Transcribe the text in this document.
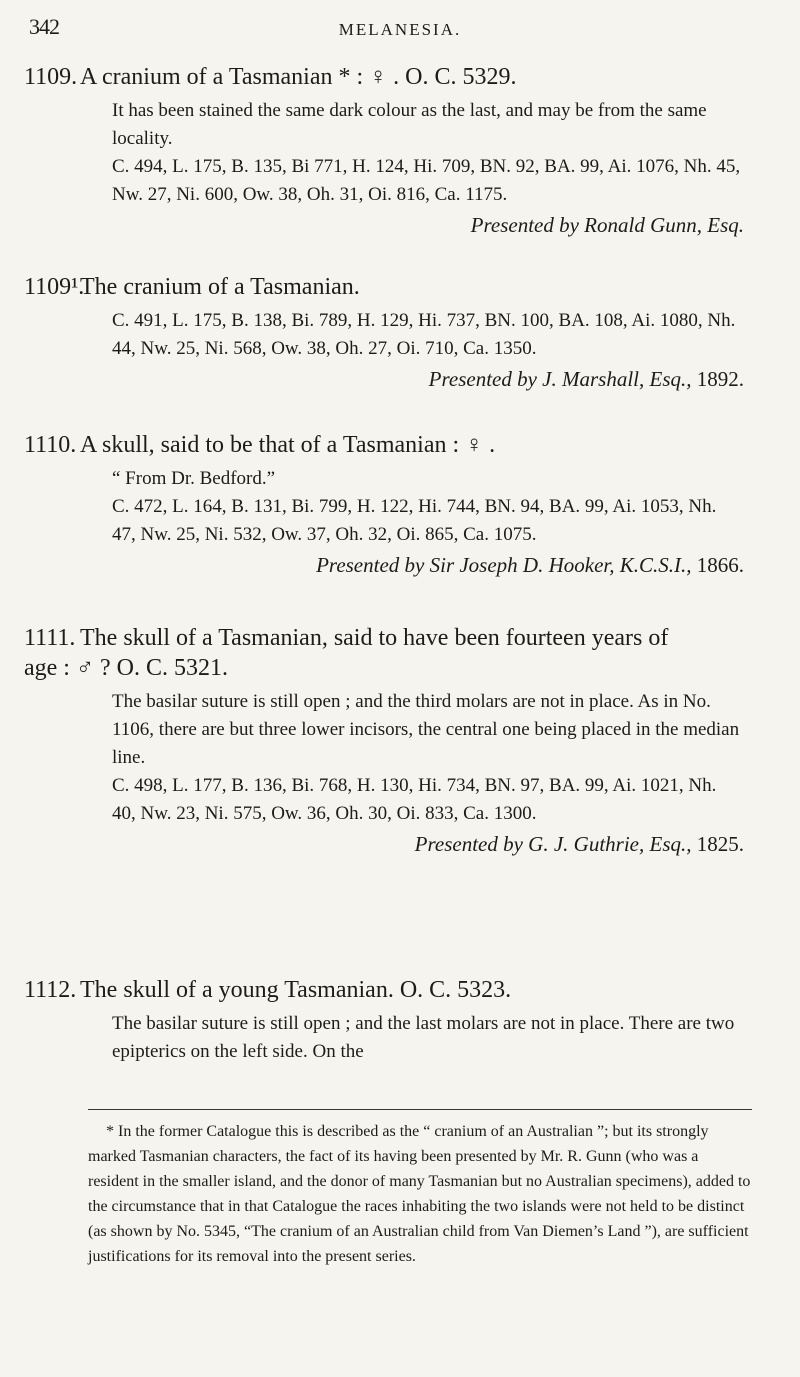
342	MELANESIA.
1109. A cranium of a Tasmanian * : ♀ . O. C. 5329.

It has been stained the same dark colour as the last, and may be from the same locality.

C. 494, L. 175, B. 135, Bi 771, H. 124, Hi. 709, BN. 92, BA. 99, Ai. 1076, Nh. 45, Nw. 27, Ni. 600, Ow. 38, Oh. 31, Oi. 816, Ca. 1175.

Presented by Ronald Gunn, Esq.
1109¹.The cranium of a Tasmanian.

C. 491, L. 175, B. 138, Bi. 789, H. 129, Hi. 737, BN. 100, BA. 108, Ai. 1080, Nh. 44, Nw. 25, Ni. 568, Ow. 38, Oh. 27, Oi. 710, Ca. 1350.

Presented by J. Marshall, Esq., 1892.
1110. A skull, said to be that of a Tasmanian : ♀ .

“ From Dr. Bedford.”

C. 472, L. 164, B. 131, Bi. 799, H. 122, Hi. 744, BN. 94, BA. 99, Ai. 1053, Nh. 47, Nw. 25, Ni. 532, Ow. 37, Oh. 32, Oi. 865, Ca. 1075.

Presented by Sir Joseph D. Hooker, K.C.S.I., 1866.
1111. The skull of a Tasmanian, said to have been fourteen years of age : ♂ ? O. C. 5321.

The basilar suture is still open ; and the third molars are not in place. As in No. 1106, there are but three lower incisors, the central one being placed in the median line.

C. 498, L. 177, B. 136, Bi. 768, H. 130, Hi. 734, BN. 97, BA. 99, Ai. 1021, Nh. 40, Nw. 23, Ni. 575, Ow. 36, Oh. 30, Oi. 833, Ca. 1300.

Presented by G. J. Guthrie, Esq., 1825.
1112. The skull of a young Tasmanian. O. C. 5323.

The basilar suture is still open ; and the last molars are not in place. There are two epipterics on the left side. On the

* In the former Catalogue this is described as the “ cranium of an Australian ”; but its strongly marked Tasmanian characters, the fact of its having been presented by Mr. R. Gunn (who was a resident in the smaller island, and the donor of many Tasmanian but no Australian specimens), added to the circumstance that in that Catalogue the races inhabiting the two islands were not held to be distinct (as shown by No. 5345, “The cranium of an Australian child from Van Diemen’s Land ”), are sufficient justifications for its removal into the present series.
